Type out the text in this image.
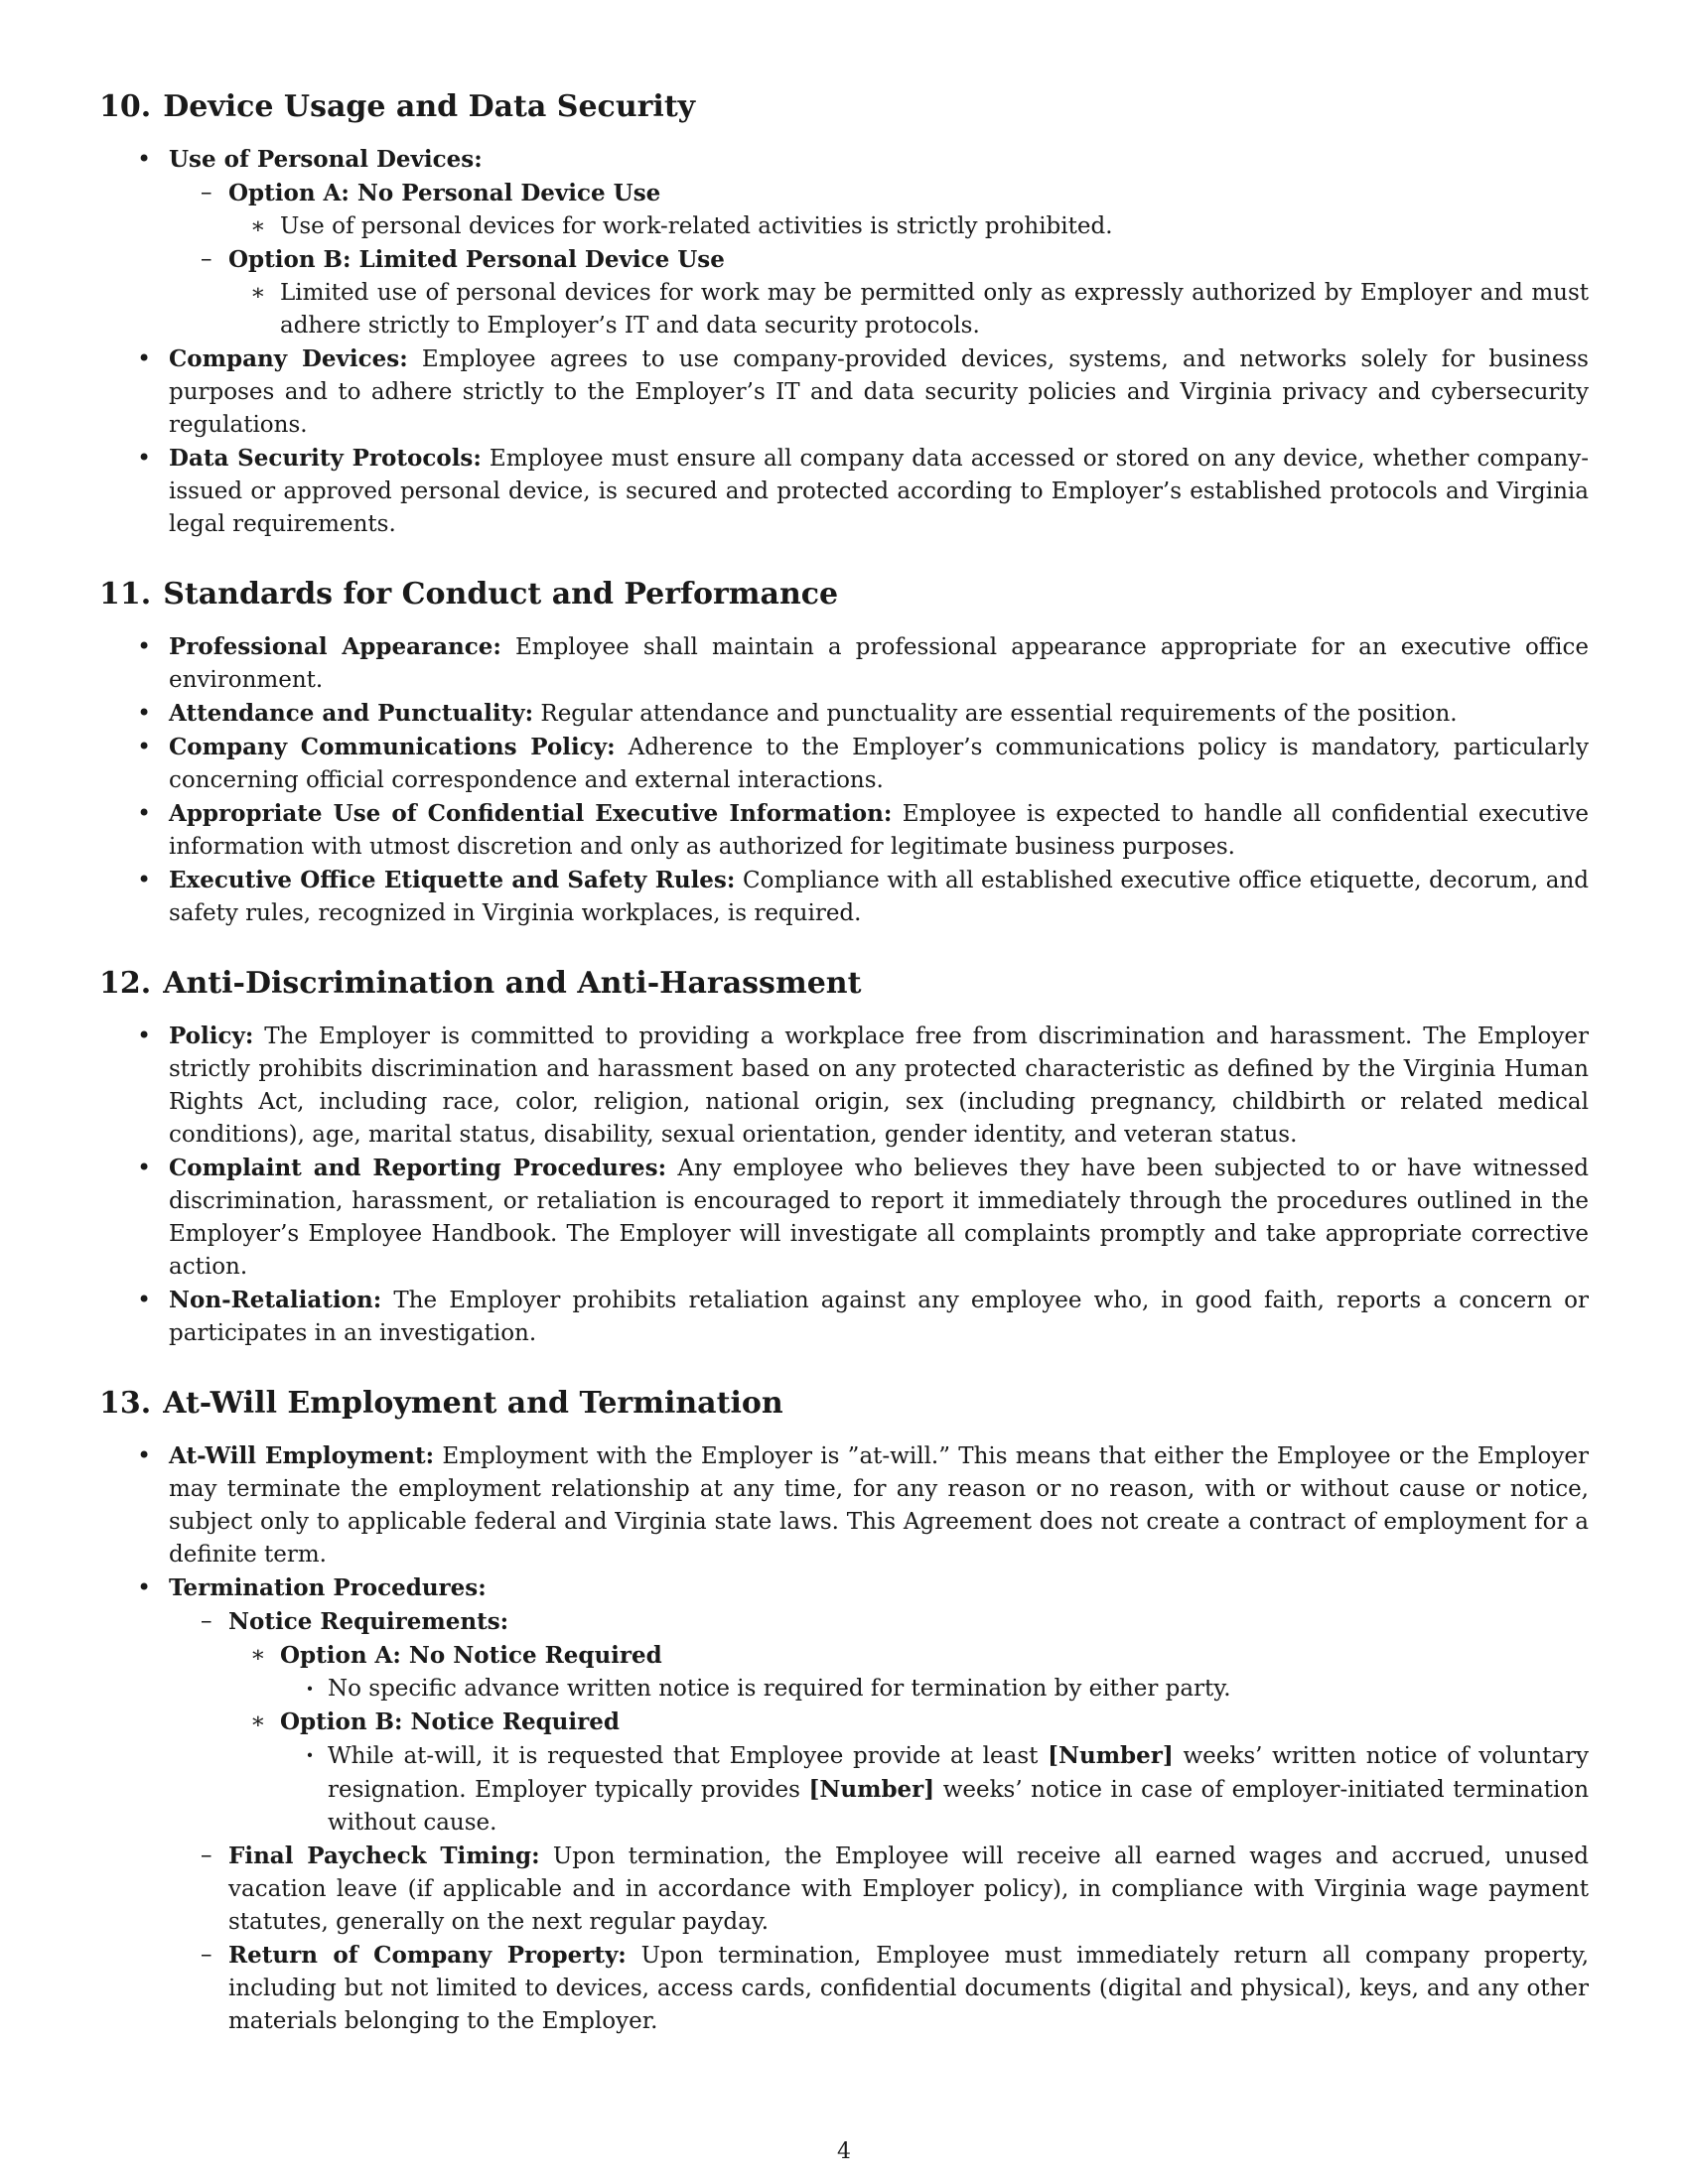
10. Device Usage and Data Security
• Use of Personal Devices:
– Option A: No Personal Device Use
∗ Use of personal devices for work-related activities is strictly prohibited.
– Option B: Limited Personal Device Use
∗ Limited use of personal devices for work may be permitted only as expressly authorized by Employer and must adhere strictly to Employer’s IT and data security protocols.
• Company Devices: Employee agrees to use company-provided devices, systems, and networks solely for business purposes and to adhere strictly to the Employer’s IT and data security policies and Virginia privacy and cybersecurity regulations.
• Data Security Protocols: Employee must ensure all company data accessed or stored on any device, whether company-issued or approved personal device, is secured and protected according to Employer’s established protocols and Virginia legal requirements.
11. Standards for Conduct and Performance
• Professional Appearance: Employee shall maintain a professional appearance appropriate for an executive office environment.
• Attendance and Punctuality: Regular attendance and punctuality are essential requirements of the position.
• Company Communications Policy: Adherence to the Employer’s communications policy is mandatory, particularly concerning official correspondence and external interactions.
• Appropriate Use of Confidential Executive Information: Employee is expected to handle all confidential executive information with utmost discretion and only as authorized for legitimate business purposes.
• Executive Office Etiquette and Safety Rules: Compliance with all established executive office etiquette, decorum, and safety rules, recognized in Virginia workplaces, is required.
12. Anti-Discrimination and Anti-Harassment
• Policy: The Employer is committed to providing a workplace free from discrimination and harassment. The Employer strictly prohibits discrimination and harassment based on any protected characteristic as defined by the Virginia Human Rights Act, including race, color, religion, national origin, sex (including pregnancy, childbirth or related medical conditions), age, marital status, disability, sexual orientation, gender identity, and veteran status.
• Complaint and Reporting Procedures: Any employee who believes they have been subjected to or have witnessed discrimination, harassment, or retaliation is encouraged to report it immediately through the procedures outlined in the Employer’s Employee Handbook. The Employer will investigate all complaints promptly and take appropriate corrective action.
• Non-Retaliation: The Employer prohibits retaliation against any employee who, in good faith, reports a concern or participates in an investigation.
13. At-Will Employment and Termination
• At-Will Employment: Employment with the Employer is ”at-will.” This means that either the Employee or the Employer may terminate the employment relationship at any time, for any reason or no reason, with or without cause or notice, subject only to applicable federal and Virginia state laws. This Agreement does not create a contract of employment for a definite term.
• Termination Procedures:
– Notice Requirements:
∗ Option A: No Notice Required
· No specific advance written notice is required for termination by either party.
∗ Option B: Notice Required
· While at-will, it is requested that Employee provide at least [Number] weeks’ written notice of voluntary resignation. Employer typically provides [Number] weeks’ notice in case of employer-initiated termination without cause.
– Final Paycheck Timing: Upon termination, the Employee will receive all earned wages and accrued, unused vacation leave (if applicable and in accordance with Employer policy), in compliance with Virginia wage payment statutes, generally on the next regular payday.
– Return of Company Property: Upon termination, Employee must immediately return all company property, including but not limited to devices, access cards, confidential documents (digital and physical), keys, and any other materials belonging to the Employer.
4
